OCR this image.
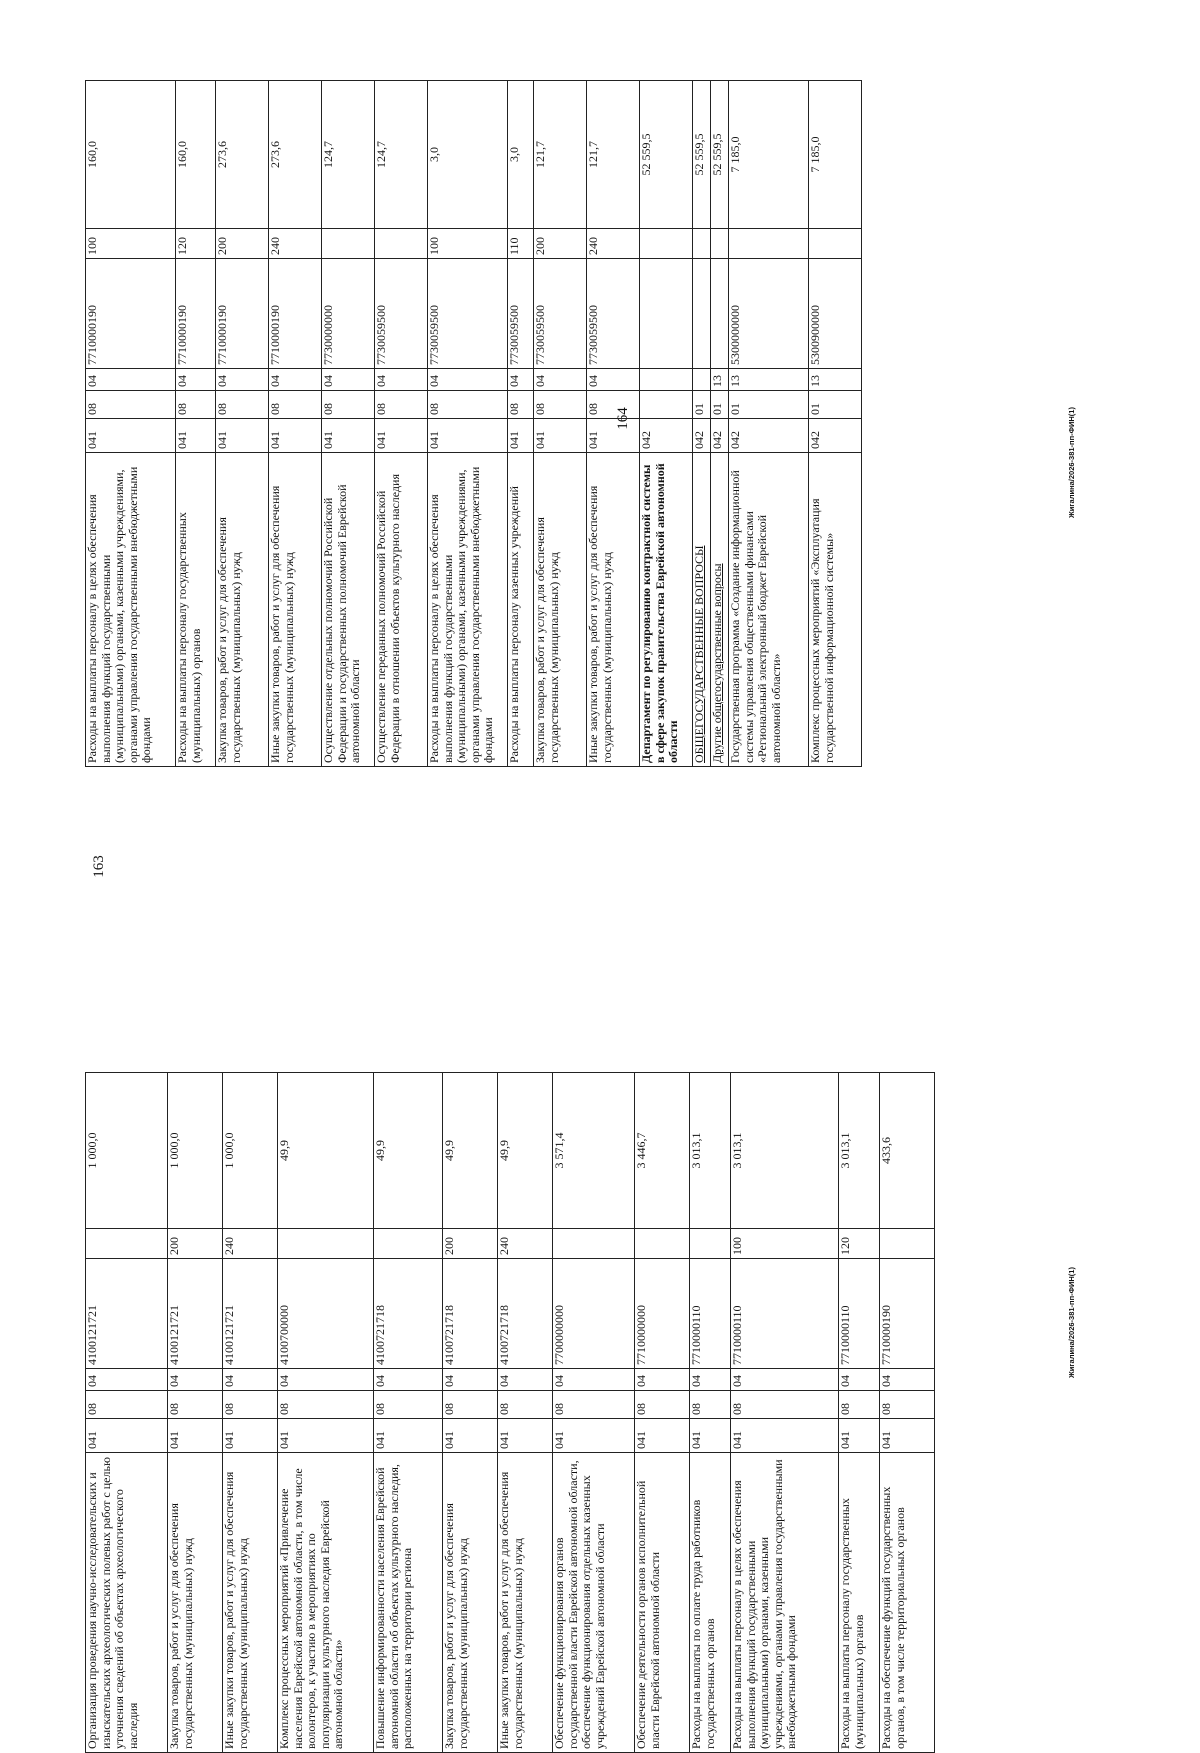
163
164
Жигалина/2026-381-пп-ФИН(1)
Жигалина/2026-381-пп-ФИН(1)
Организация проведения научно-исследовательских и изыскательских археологических полевых работ с целью уточнения сведений об объектах археологического наследия	041	08	04	4100121721		1 000,0
Закупка товаров, работ и услуг для обеспечения государственных (муниципальных) нужд	041	08	04	4100121721	200	1 000,0
Иные закупки товаров, работ и услуг для обеспечения государственных (муниципальных) нужд	041	08	04	4100121721	240	1 000,0
Комплекс процессных мероприятий «Привлечение населения Еврейской автономной области, в том числе волонтеров, к участию в мероприятиях по популяризации культурного наследия Еврейской автономной области»	041	08	04	4100700000		49,9
Повышение информированности населения Еврейской автономной области об объектах культурного наследия, расположенных на территории региона	041	08	04	4100721718		49,9
Закупка товаров, работ и услуг для обеспечения государственных (муниципальных) нужд	041	08	04	4100721718	200	49,9
Иные закупки товаров, работ и услуг для обеспечения государственных (муниципальных) нужд	041	08	04	4100721718	240	49,9
Обеспечение функционирования органов государственной власти Еврейской автономной области, обеспечение функционирования отдельных казенных учреждений Еврейской автономной области	041	08	04	7700000000		3 571,4
Обеспечение деятельности органов исполнительной власти Еврейской автономной области	041	08	04	7710000000		3 446,7
Расходы на выплаты по оплате труда работников государственных органов	041	08	04	7710000110		3 013,1
Расходы на выплаты персоналу в целях обеспечения выполнения функций государственными (муниципальными) органами, казенными учреждениями, органами управления государственными внебюджетными фондами	041	08	04	7710000110	100	3 013,1
Расходы на выплаты персоналу государственных (муниципальных) органов	041	08	04	7710000110	120	3 013,1
Расходы на обеспечение функций государственных органов, в том числе территориальных органов	041	08	04	7710000190		433,6
Расходы на выплаты персоналу в целях обеспечения выполнения функций государственными (муниципальными) органами, казенными учреждениями, органами управления государственными внебюджетными фондами	041	08	04	7710000190	100	160,0
Расходы на выплаты персоналу государственных (муниципальных) органов	041	08	04	7710000190	120	160,0
Закупка товаров, работ и услуг для обеспечения государственных (муниципальных) нужд	041	08	04	7710000190	200	273,6
Иные закупки товаров, работ и услуг для обеспечения государственных (муниципальных) нужд	041	08	04	7710000190	240	273,6
Осуществление отдельных полномочий Российской Федерации и государственных полномочий Еврейской автономной области	041	08	04	7730000000		124,7
Осуществление переданных полномочий Российской Федерации в отношении объектов культурного наследия	041	08	04	7730059500		124,7
Расходы на выплаты персоналу в целях обеспечения выполнения функций государственными (муниципальными) органами, казенными учреждениями, органами управления государственными внебюджетными фондами	041	08	04	7730059500	100	3,0
Расходы на выплаты персоналу казенных учреждений	041	08	04	7730059500	110	3,0
Закупка товаров, работ и услуг для обеспечения государственных (муниципальных) нужд	041	08	04	7730059500	200	121,7
Иные закупки товаров, работ и услуг для обеспечения государственных (муниципальных) нужд	041	08	04	7730059500	240	121,7
Департамент по регулированию контрактной системы в сфере закупок правительства Еврейской автономной области	042					52 559,5
ОБЩЕГОСУДАРСТВЕННЫЕ ВОПРОСЫ	042	01				52 559,5
Другие общегосударственные вопросы	042	01	13			52 559,5
Государственная программа «Создание информационной системы управления общественными финансами «Региональный электронный бюджет Еврейской автономной области»	042	01	13	5300000000		7 185,0
Комплекс процессных мероприятий «Эксплуатация государственной информационной системы»	042	01	13	5300900000		7 185,0
